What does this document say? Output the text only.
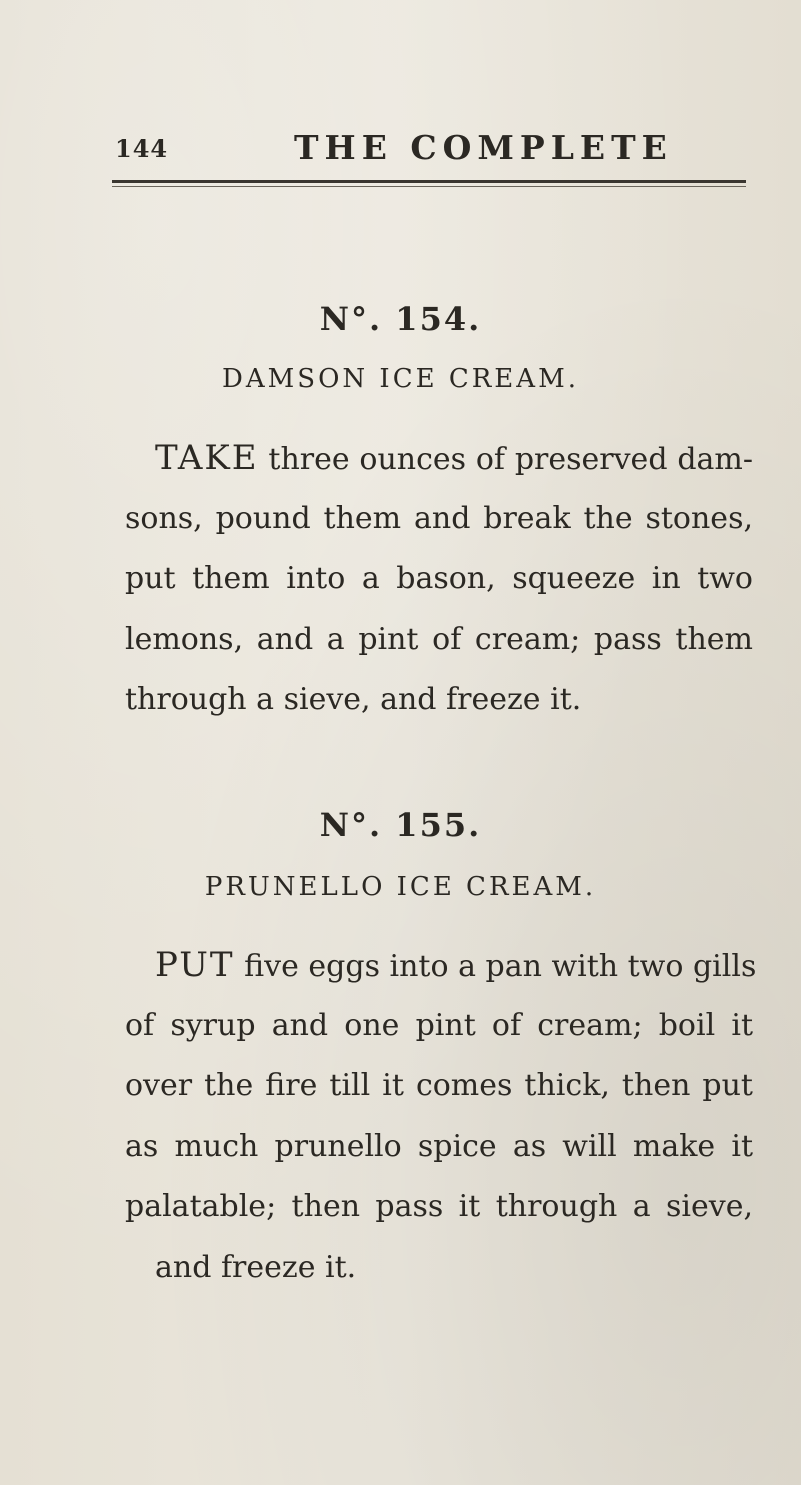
144	THE COMPLETE
N°. 154.
DAMSON ICE CREAM.
TAKE three ounces of preserved dam-
sons, pound them and break the stones,
put them into a bason, squeeze in two
lemons, and a pint of cream; pass them
through a sieve, and freeze it.
N°. 155.
PRUNELLO ICE CREAM.
PUT five eggs into a pan with two gills
of syrup and one pint of cream; boil it
over the fire till it comes thick, then put
as much prunello spice as will make it
palatable; then pass it through a sieve,
and freeze it.
